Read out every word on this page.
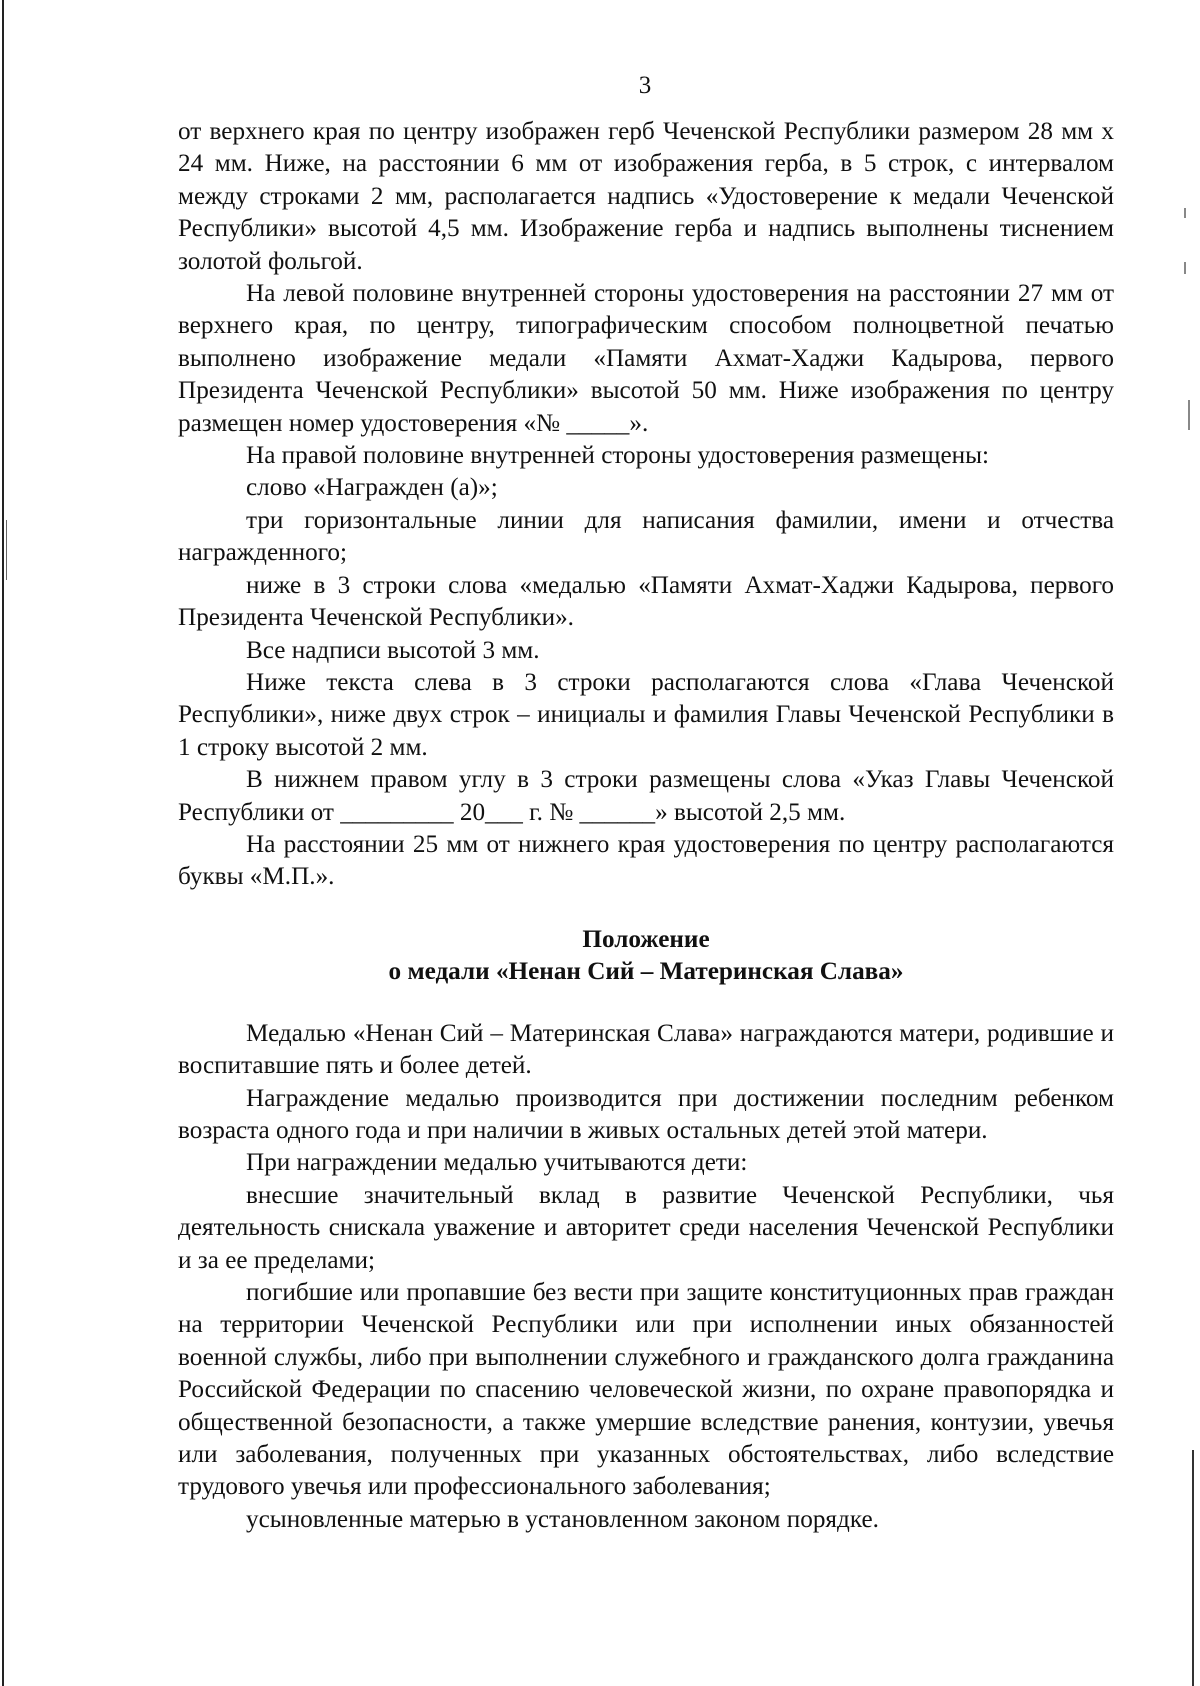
3

от верхнего края по центру изображен герб Чеченской Республики размером 28 мм х 24 мм. Ниже, на расстоянии 6 мм от изображения герба, в 5 строк, с интервалом между строками 2 мм, располагается надпись «Удостоверение к медали Чеченской Республики» высотой 4,5 мм. Изображение герба и надпись выполнены тиснением золотой фольгой.

На левой половине внутренней стороны удостоверения на расстоянии 27 мм от верхнего края, по центру, типографическим способом полноцветной печатью выполнено изображение медали «Памяти Ахмат-Хаджи Кадырова, первого Президента Чеченской Республики» высотой 50 мм. Ниже изображения по центру размещен номер удостоверения «№ _____».

На правой половине внутренней стороны удостоверения размещены:

слово «Награжден (а)»;

три горизонтальные линии для написания фамилии, имени и отчества награжденного;

ниже в 3 строки слова «медалью «Памяти Ахмат-Хаджи Кадырова, первого Президента Чеченской Республики».

Все надписи высотой 3 мм.

Ниже текста слева в 3 строки располагаются слова «Глава Чеченской Республики», ниже двух строк – инициалы и фамилия Главы Чеченской Республики в 1 строку высотой 2 мм.

В нижнем правом углу в 3 строки размещены слова «Указ Главы Чеченской Республики от _________ 20___ г. № ______» высотой 2,5 мм.

На расстоянии 25 мм от нижнего края удостоверения по центру располагаются буквы «М.П.».

Положение
о медали «Ненан Сий – Материнская Слава»

Медалью «Ненан Сий – Материнская Слава» награждаются матери, родившие и воспитавшие пять и более детей.

Награждение медалью производится при достижении последним ребенком возраста одного года и при наличии в живых остальных детей этой матери.

При награждении медалью учитываются дети:

внесшие значительный вклад в развитие Чеченской Республики, чья деятельность снискала уважение и авторитет среди населения Чеченской Республики и за ее пределами;

погибшие или пропавшие без вести при защите конституционных прав граждан на территории Чеченской Республики или при исполнении иных обязанностей военной службы, либо при выполнении служебного и гражданского долга гражданина Российской Федерации по спасению человеческой жизни, по охране правопорядка и общественной безопасности, а также умершие вследствие ранения, контузии, увечья или заболевания, полученных при указанных обстоятельствах, либо вследствие трудового увечья или профессионального заболевания;

усыновленные матерью в установленном законом порядке.
